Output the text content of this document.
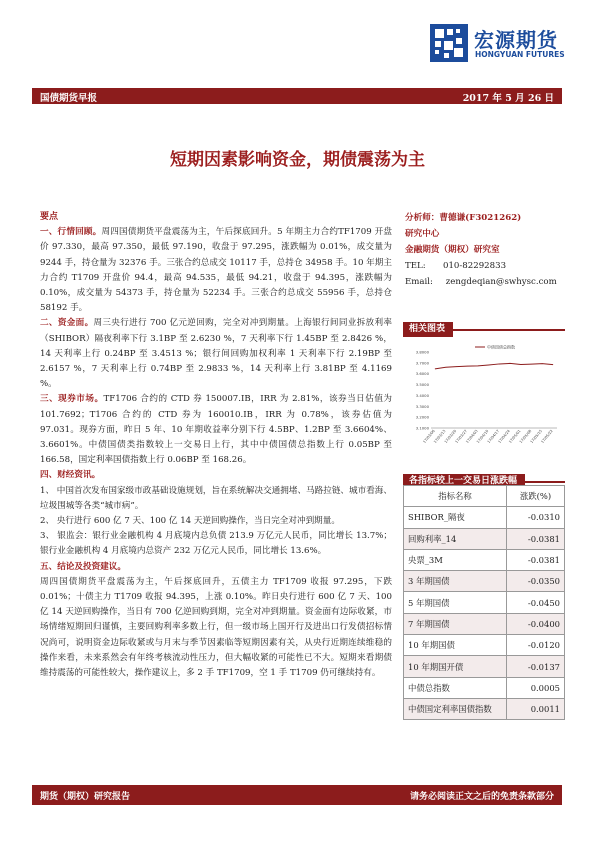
宏源期货
HONGYUAN FUTURES
国债期货早报	2017 年 5 月 26 日
短期因素影响资金，期债震荡为主

要点

一、行情回顾。周四国债期货平盘震荡为主，午后探底回升。5 年期主力合约TF1709 开盘价 97.330，最高 97.350，最低 97.190，收盘于 97.295，涨跌幅为 0.01%，成交量为 9244 手，持仓量为 32376 手。三张合约总成交 10117 手，总持仓 34958 手。10 年期主力合约 T1709 开盘价 94.4，最高 94.535，最低 94.21，收盘于 94.395，涨跌幅为 0.10%，成交量为 54373 手，持仓量为 52234 手。三张合约总成交 55956 手，总持仓 58192 手。

二、资金面。周三央行进行 700 亿元逆回购，完全对冲到期量。上海银行间同业拆放利率（SHIBOR）隔夜利率下行 3.1BP 至 2.6230 %，7 天利率下行 1.45BP 至 2.8426 %，14 天利率上行 0.24BP 至 3.4513 %；银行间回购加权利率 1 天利率下行 2.19BP 至 2.6157 %，7 天利率上行 0.74BP 至 2.9833 %，14 天利率上行 3.81BP 至 4.1169 %。

三、现券市场。TF1706 合约的 CTD 券 150007.IB，IRR 为 2.81%，该券当日估值为 101.7692；T1706 合约的 CTD 券为 160010.IB，IRR 为 0.78%，该券估值为 97.031。现券方面，昨日 5 年、10 年期收益率分别下行 4.5BP、1.2BP 至 3.6604%、3.6601%。中债国债类指数较上一交易日上行，其中中债国债总指数上行 0.05BP 至 166.58，国定利率国债指数上行 0.06BP 至 168.26。

四、财经资讯。

1、 中国首次发布国家级市政基础设施规划，旨在系统解决交通拥堵、马路拉链、城市看海、垃圾围城等各类“城市病”。

2、 央行进行 600 亿 7 天、100 亿 14 天逆回购操作，当日完全对冲到期量。

3、 银监会：银行业金融机构 4 月底境内总负债 213.9 万亿元人民币，同比增长 13.7%；银行业金融机构 4 月底境内总资产 232 万亿元人民币，同比增长 13.6%。

五、结论及投资建议。

周四国债期货平盘震荡为主，午后探底回升，五债主力 TF1709 收报 97.295，下跌 0.01%；十债主力 T1709 收报 94.395，上涨 0.10%。昨日央行进行 600 亿 7 天、100 亿 14 天逆回购操作，当日有 700 亿逆回购到期，完全对冲到期量。资金面有边际收紧，市场情绪短期回归谨慎，主要回购利率多数上行，但一级市场上国开行及进出口行发债招标情况尚可，说明资金边际收紧或与月末与季节因素临等短期因素有关，从央行近期连续维稳的操作来看，未来系然会有年终考核流动性压力，但大幅收紧的可能性已不大。短期来看期债维持震荡的可能性较大，操作建议上，多 2 手 TF1709，空 1 手 T1709 仍可继续持有。

分析师：曹德谦(F3021262)
研究中心
金融期货（期权）研究室
TEL: 010-82292833
Email: zengdeqian@swhysc.com
相关图表
3.8000
3.7000
3.6000
3.5000
3.4000
3.3000
3.2000
3.1000
17/03/06
17/03/13
17/03/20
17/03/27
17/04/03
17/04/10
17/04/17
17/04/24
17/05/01
17/05/08
17/05/15
17/05/22
中债国债总指数
各指标较上一交易日涨跌幅
指标名称	涨跌(%)
SHIBOR_隔夜	-0.0310
回购利率_14	-0.0381
央票_3M	-0.0381
3 年期国债	-0.0350
5 年期国债	-0.0450
7 年期国债	-0.0400
10 年期国债	-0.0120
10 年期国开债	-0.0137
中债总指数	0.0005
中债国定利率国债指数	0.0011
期货（期权）研究报告	请务必阅读正文之后的免责条款部分
